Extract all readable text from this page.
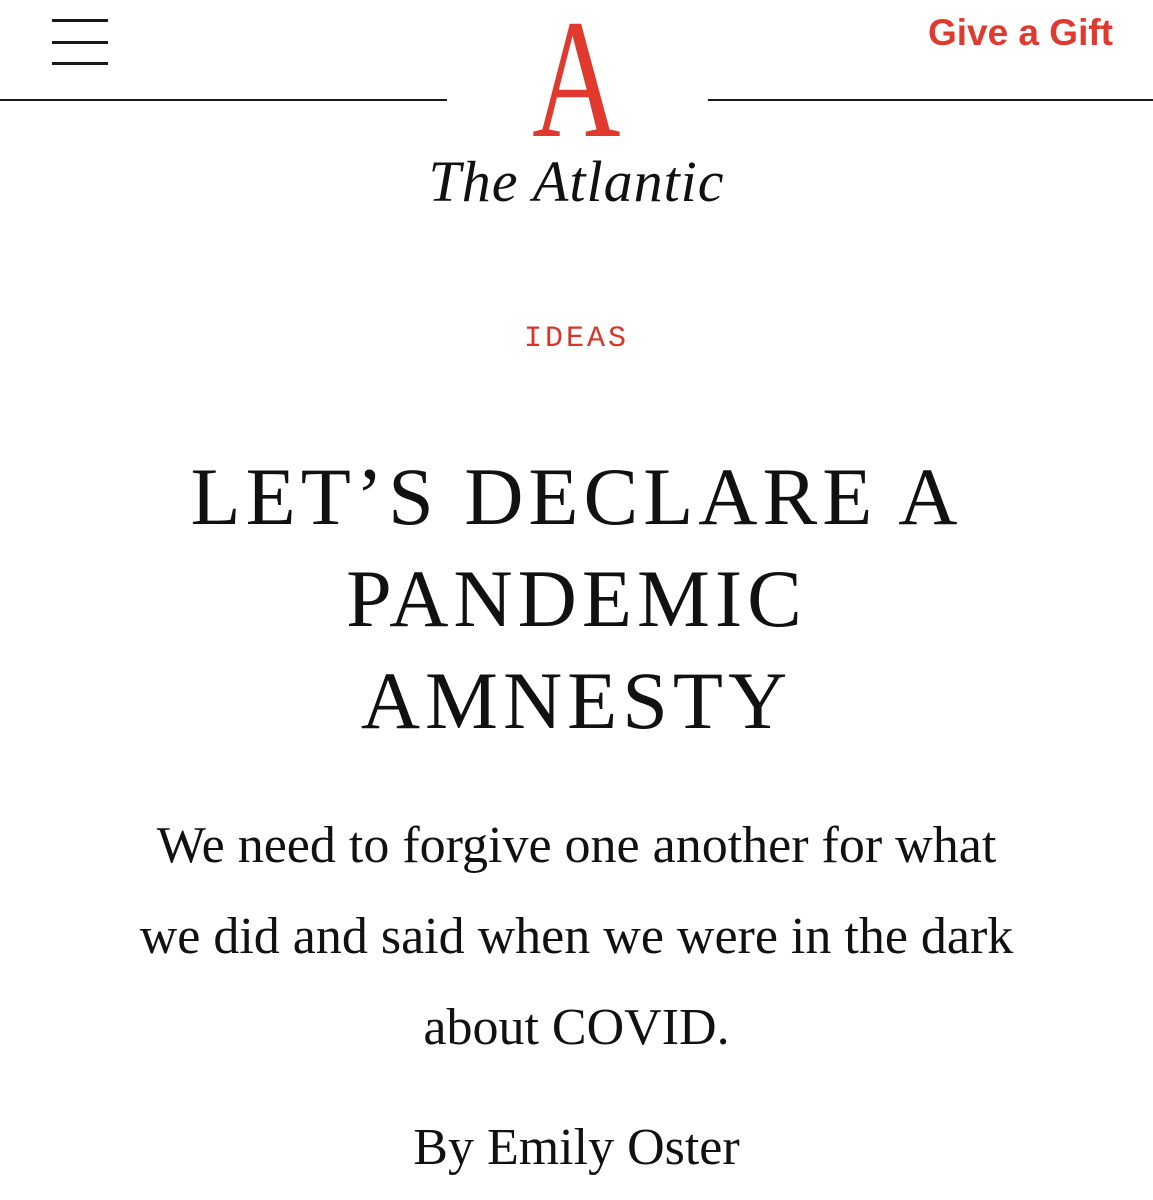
Give a Gift
A
The Atlantic
IDEAS
LET’S DECLARE A
PANDEMIC
AMNESTY

We need to forgive one another for what
we did and said when we were in the dark
about COVID.

By Emily Oster
